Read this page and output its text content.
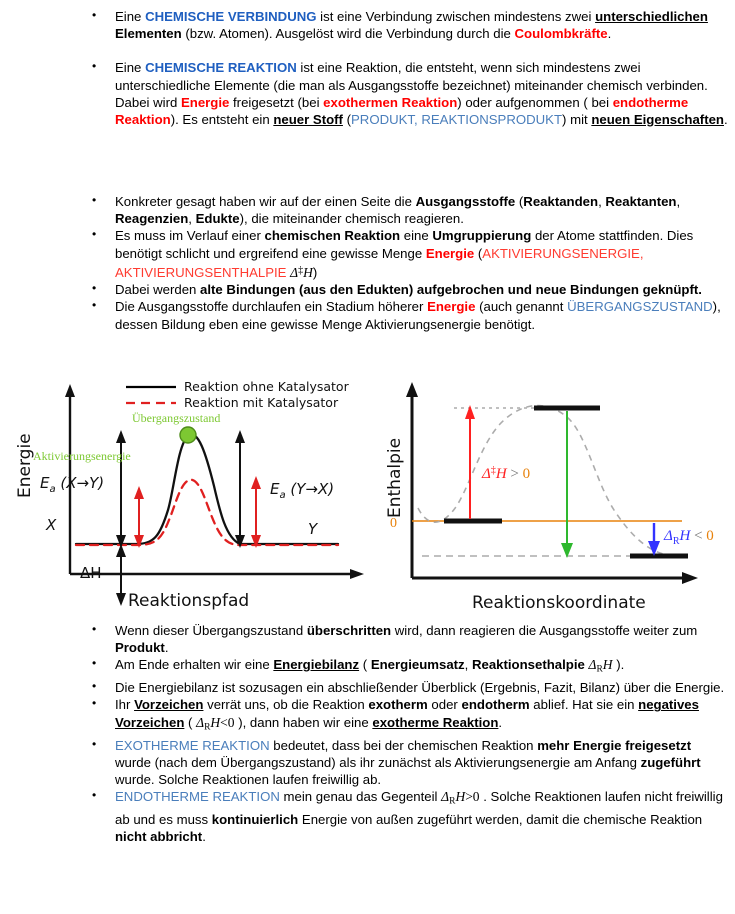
• Eine CHEMISCHE VERBINDUNG ist eine Verbindung zwischen mindestens zwei unterschiedlichen Elementen (bzw. Atomen). Ausgelöst wird die Verbindung durch die Coulombkräfte.
• Eine CHEMISCHE REAKTION ist eine Reaktion, die entsteht, wenn sich mindestens zwei unterschiedliche Elemente (die man als Ausgangsstoffe bezeichnet) miteinander chemisch verbinden. Dabei wird Energie freigesetzt (bei exothermen Reaktion) oder aufgenommen ( bei endotherme Reaktion). Es entsteht ein neuer Stoff (PRODUKT, REAKTIONSPRODUKT) mit neuen Eigenschaften.
• Konkreter gesagt haben wir auf der einen Seite die Ausgangsstoffe (Reaktanden, Reaktanten, Reagenzien, Edukte), die miteinander chemisch reagieren.
• Es muss im Verlauf einer chemischen Reaktion eine Umgruppierung der Atome stattfinden. Dies benötigt schlicht und ergreifend eine gewisse Menge Energie (AKTIVIERUNGSENERGIE, AKTIVIERUNGSENTHALPIE Δ‡H)
• Dabei werden alte Bindungen (aus den Edukten) aufgebrochen und neue Bindungen geknüpft.
• Die Ausgangsstoffe durchlaufen ein Stadium höherer Energie (auch genannt ÜBERGANGSZUSTAND), dessen Bildung eben eine gewisse Menge Aktivierungsenergie benötigt.
Energie
Reaktionspfad
Reaktion ohne Katalysator
Reaktion mit Katalysator
Übergangszustand
Aktivierungsenergie
$E_a$ (X→Y)
X
ΔH
$E_a$ (Y→X)
Y
Enthalpie
Reaktionskoordinate
0
Δ‡H > 0
$\Delta_RH < 0$
• Wenn dieser Übergangszustand überschritten wird, dann reagieren die Ausgangsstoffe weiter zum Produkt.
• Am Ende erhalten wir eine Energiebilanz ( Energieumsatz, Reaktionsethalpie $\Delta_RH$ ).
• Die Energiebilanz ist sozusagen ein abschließender Überblick (Ergebnis, Fazit, Bilanz) über die Energie.
• Ihr Vorzeichen verrät uns, ob die Reaktion exotherm oder endotherm ablief. Hat sie ein negatives Vorzeichen ( $\Delta_RH<0$ ), dann haben wir eine exotherme Reaktion.
• EXOTHERME REAKTION bedeutet, dass bei der chemischen Reaktion mehr Energie freigesetzt wurde (nach dem Übergangszustand) als ihr zunächst als Aktivierungsenergie am Anfang zugeführt wurde. Solche Reaktionen laufen freiwillig ab.
• ENDOTHERME REAKTION mein genau das Gegenteil $\Delta_RH>0$ . Solche Reaktionen laufen nicht freiwillig ab und es muss kontinuierlich Energie von außen zugeführt werden, damit die chemische Reaktion nicht abbricht.
